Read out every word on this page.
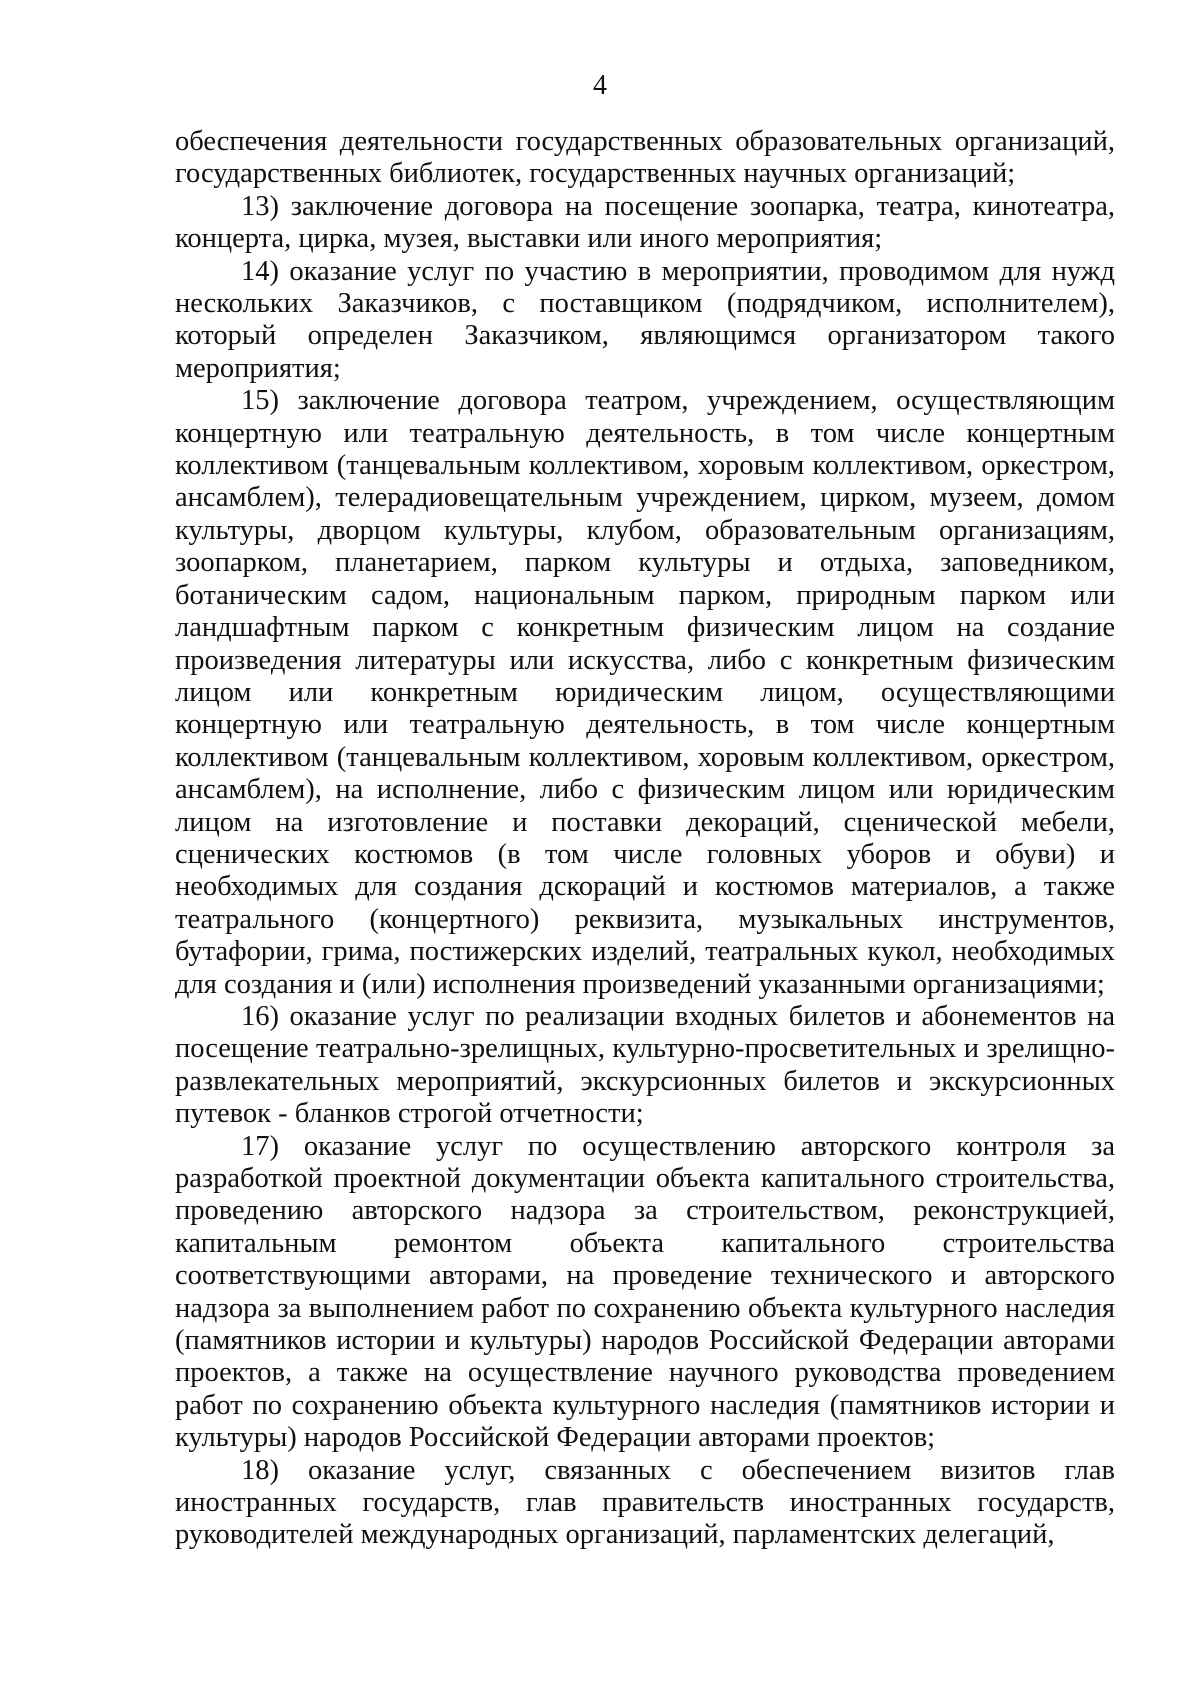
4

обеспечения деятельности государственных образовательных организаций, государственных библиотек, государственных научных организаций;

13) заключение договора на посещение зоопарка, театра, кинотеатра, концерта, цирка, музея, выставки или иного мероприятия;

14) оказание услуг по участию в мероприятии, проводимом для нужд нескольких Заказчиков, с поставщиком (подрядчиком, исполнителем), который определен Заказчиком, являющимся организатором такого мероприятия;

15) заключение договора театром, учреждением, осуществляющим концертную или театральную деятельность, в том числе концертным коллективом (танцевальным коллективом, хоровым коллективом, оркестром, ансамблем), телерадиовещательным учреждением, цирком, музеем, домом культуры, дворцом культуры, клубом, образовательным организациям, зоопарком, планетарием, парком культуры и отдыха, заповедником, ботаническим садом, национальным парком, природным парком или ландшафтным парком с конкретным физическим лицом на создание произведения литературы или искусства, либо с конкретным физическим лицом или конкретным юридическим лицом, осуществляющими концертную или театральную деятельность, в том числе концертным коллективом (танцевальным коллективом, хоровым коллективом, оркестром, ансамблем), на исполнение, либо с физическим лицом или юридическим лицом на изготовление и поставки декораций, сценической мебели, сценических костюмов (в том числе головных уборов и обуви) и необходимых для создания дскораций и костюмов материалов, а также театрального (концертного) реквизита, музыкальных инструментов, бутафории, грима, постижерских изделий, театральных кукол, необходимых для создания и (или) исполнения произведений указанными организациями;

16) оказание услуг по реализации входных билетов и абонементов на посещение театрально-зрелищных, культурно-просветительных и зрелищно-развлекательных мероприятий, экскурсионных билетов и экскурсионных путевок - бланков строгой отчетности;

17) оказание услуг по осуществлению авторского контроля за разработкой проектной документации объекта капитального строительства, проведению авторского надзора за строительством, реконструкцией, капитальным ремонтом объекта капитального строительства соответствующими авторами, на проведение технического и авторского надзора за выполнением работ по сохранению объекта культурного наследия (памятников истории и культуры) народов Российской Федерации авторами проектов, а также на осуществление научного руководства проведением работ по сохранению объекта культурного наследия (памятников истории и культуры) народов Российской Федерации авторами проектов;

18) оказание услуг, связанных с обеспечением визитов глав иностранных государств, глав правительств иностранных государств, руководителей международных организаций, парламентских делегаций,
